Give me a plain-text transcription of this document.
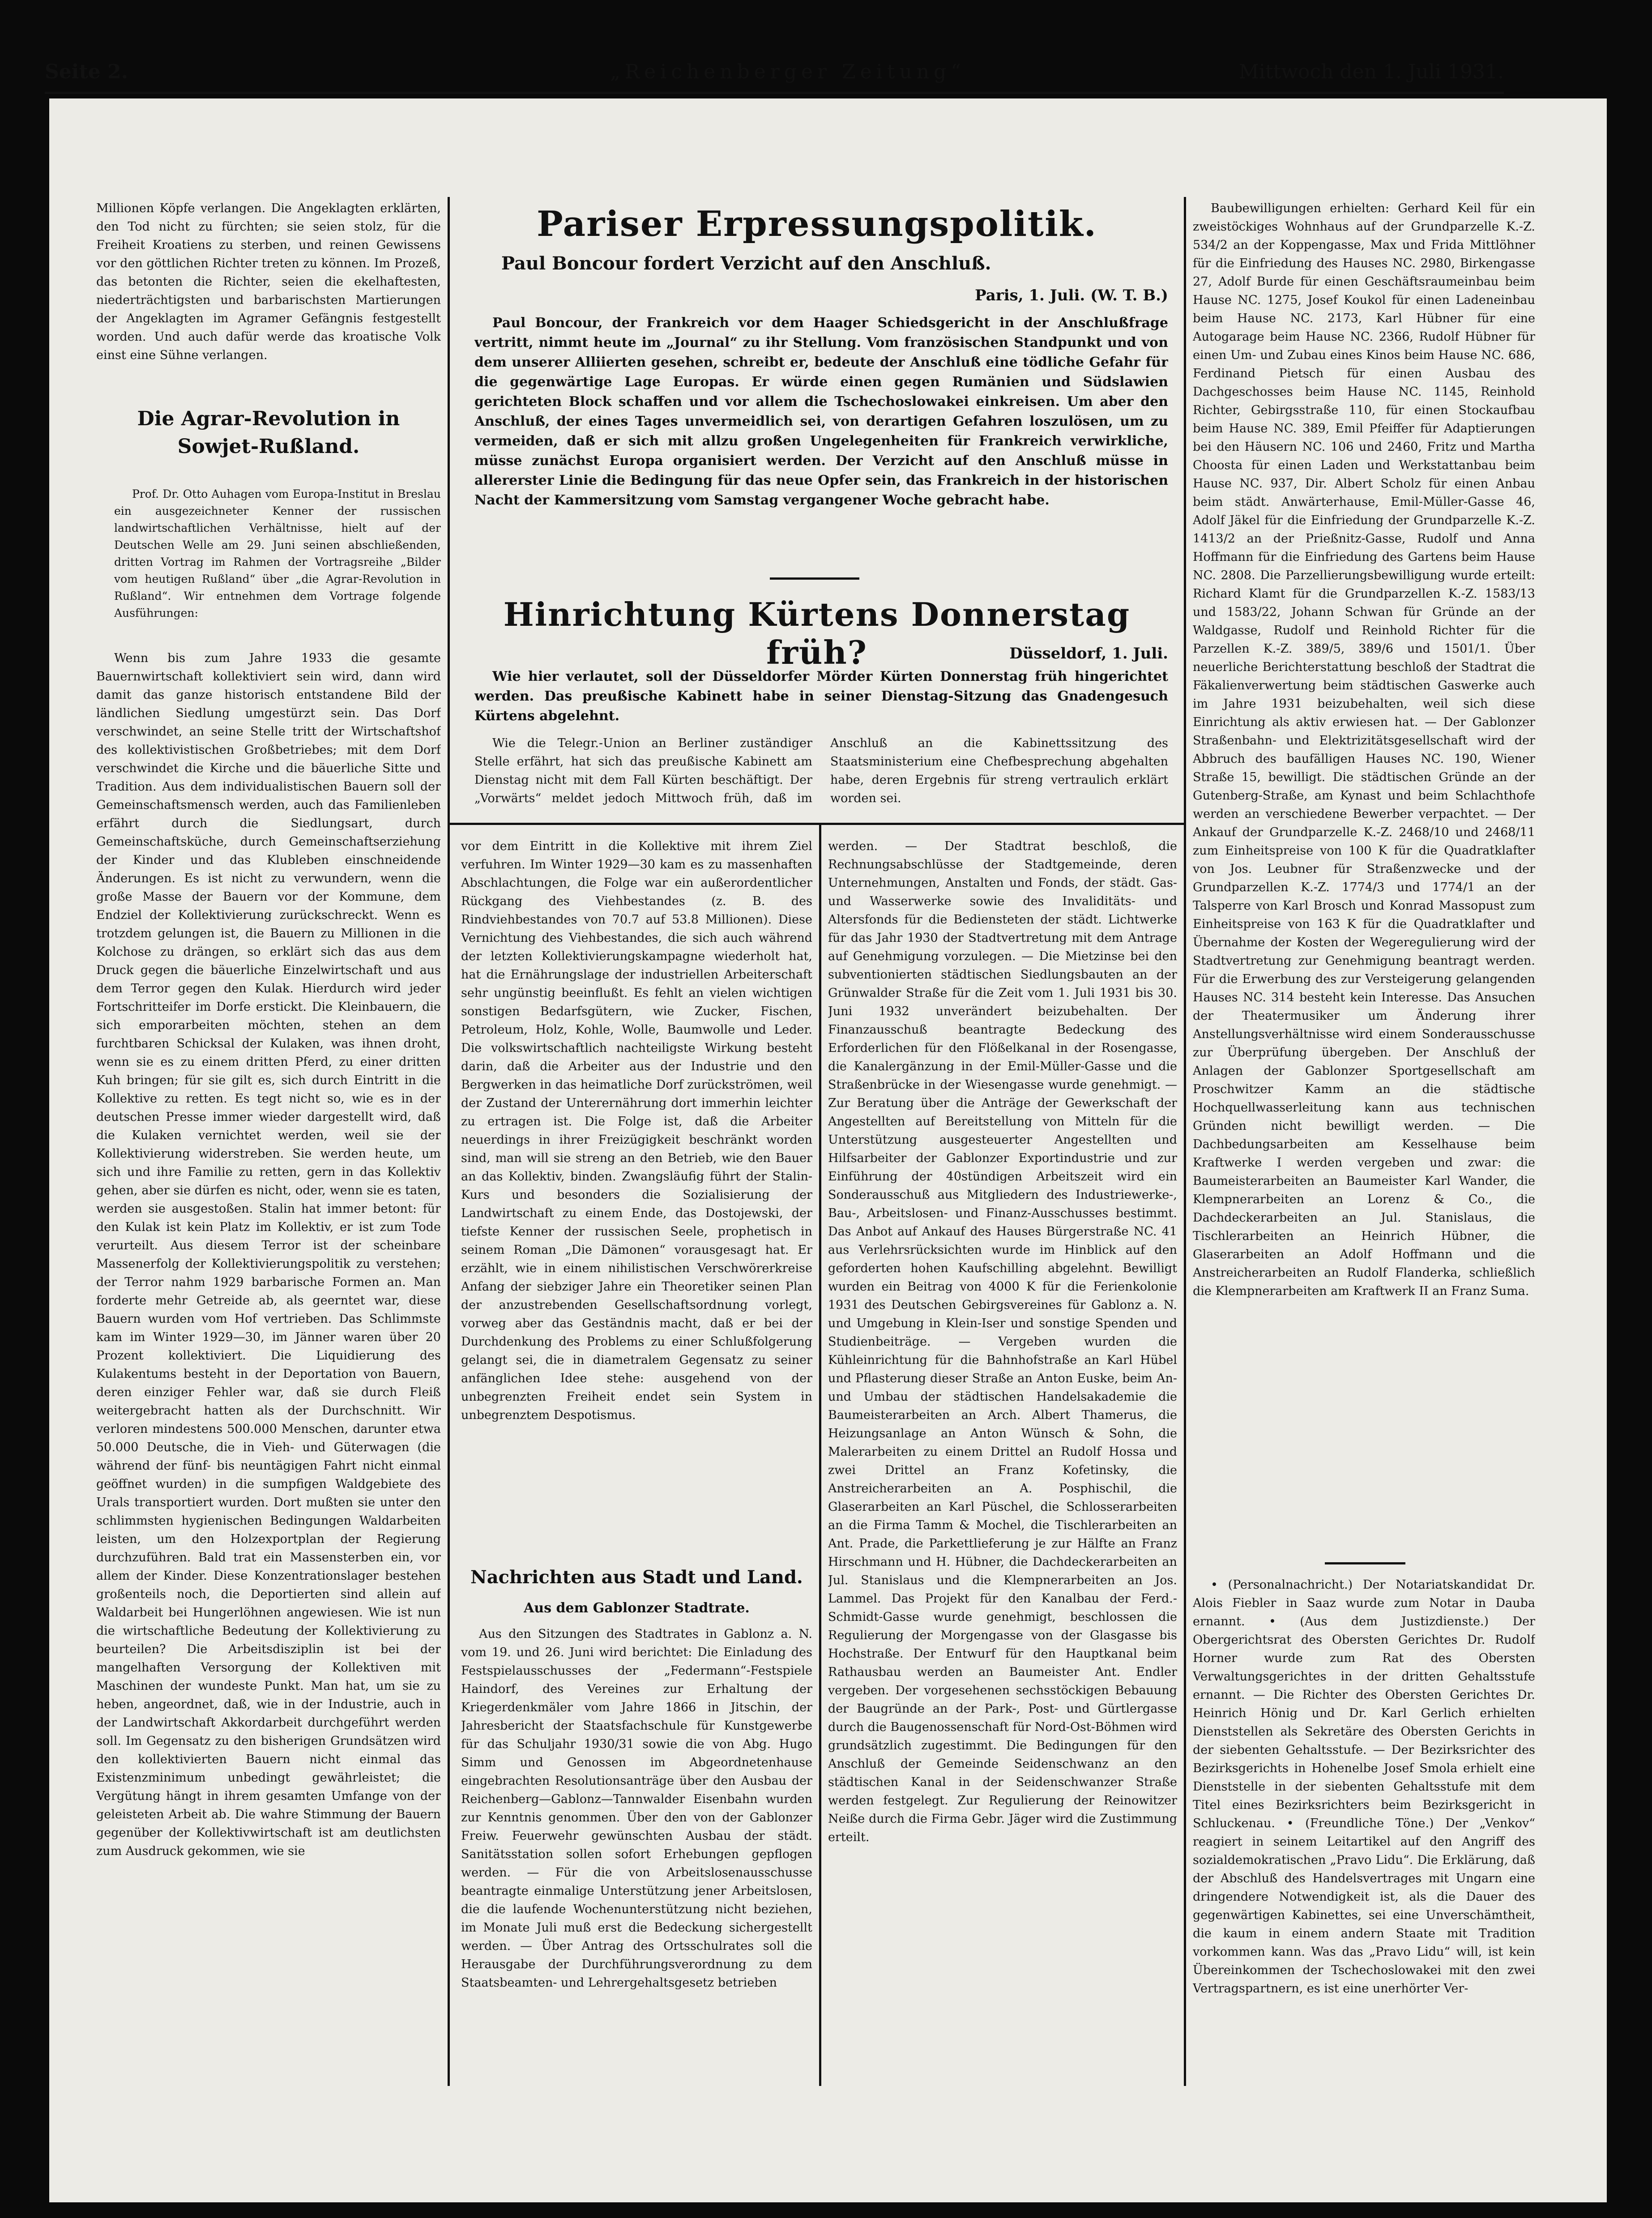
Seite 2.	„Reichenberger Zeitung“	Mittwoch den 1. Juli 1931.

Millionen Köpfe verlangen. Die Angeklagten erklärten, den Tod nicht zu fürchten; sie seien stolz, für die Freiheit Kroatiens zu sterben, und reinen Gewissens vor den göttlichen Richter treten zu können. Im Prozeß, das betonten die Richter, seien die ekelhaftesten, niederträchtigsten und barbarischsten Martierungen der Angeklagten im Agramer Gefängnis festgestellt worden. Und auch dafür werde das kroatische Volk einst eine Sühne verlangen.

Die Agrar-Revolution in Sowjet-Rußland.

Prof. Dr. Otto Auhagen vom Europa-Institut in Breslau ein ausgezeichneter Kenner der russischen landwirtschaftlichen Verhältnisse, hielt auf der Deutschen Welle am 29. Juni seinen abschließenden, dritten Vortrag im Rahmen der Vortragsreihe „Bilder vom heutigen Rußland“ über „die Agrar-Revolution in Rußland“. Wir entnehmen dem Vortrage folgende Ausführungen:

Wenn bis zum Jahre 1933 die gesamte Bauernwirtschaft kollektiviert sein wird, dann wird damit das ganze historisch entstandene Bild der ländlichen Siedlung umgestürzt sein. Das Dorf verschwindet, an seine Stelle tritt der Wirtschaftshof des kollektivistischen Großbetriebes; mit dem Dorf verschwindet die Kirche und die bäuerliche Sitte und Tradition. Aus dem individualistischen Bauern soll der Gemeinschaftsmensch werden, auch das Familienleben erfährt durch die Siedlungsart, durch Gemeinschaftsküche, durch Gemeinschaftserziehung der Kinder und das Klubleben einschneidende Änderungen. Es ist nicht zu verwundern, wenn die große Masse der Bauern vor der Kommune, dem Endziel der Kollektivierung zurückschreckt. Wenn es trotzdem gelungen ist, die Bauern zu Millionen in die Kolchose zu drängen, so erklärt sich das aus dem Druck gegen die bäuerliche Einzelwirtschaft und aus dem Terror gegen den Kulak. Hierdurch wird jeder Fortschritteifer im Dorfe erstickt. Die Kleinbauern, die sich emporarbeiten möchten, stehen an dem furchtbaren Schicksal der Kulaken, was ihnen droht, wenn sie es zu einem dritten Pferd, zu einer dritten Kuh bringen; für sie gilt es, sich durch Eintritt in die Kollektive zu retten. Es tegt nicht so, wie es in der deutschen Presse immer wieder dargestellt wird, daß die Kulaken vernichtet werden, weil sie der Kollektivierung widerstreben. Sie werden heute, um sich und ihre Familie zu retten, gern in das Kollektiv gehen, aber sie dürfen es nicht, oder, wenn sie es taten, werden sie ausgestoßen. Stalin hat immer betont: für den Kulak ist kein Platz im Kollektiv, er ist zum Tode verurteilt. Aus diesem Terror ist der scheinbare Massenerfolg der Kollektivierungspolitik zu verstehen; der Terror nahm 1929 barbarische Formen an. Man forderte mehr Getreide ab, als geerntet war, diese Bauern wurden vom Hof vertrieben. Das Schlimmste kam im Winter 1929—30, im Jänner waren über 20 Prozent kollektiviert. Die Liquidierung des Kulakentums besteht in der Deportation von Bauern, deren einziger Fehler war, daß sie durch Fleiß weitergebracht hatten als der Durchschnitt. Wir verloren mindestens 500.000 Menschen, darunter etwa 50.000 Deutsche, die in Vieh- und Güterwagen (die während der fünf- bis neuntägigen Fahrt nicht einmal geöffnet wurden) in die sumpfigen Waldgebiete des Urals transportiert wurden. Dort mußten sie unter den schlimmsten hygienischen Bedingungen Waldarbeiten leisten, um den Holzexportplan der Regierung durchzuführen. Bald trat ein Massensterben ein, vor allem der Kinder. Diese Konzentrationslager bestehen großenteils noch, die Deportierten sind allein auf Waldarbeit bei Hungerlöhnen angewiesen. Wie ist nun die wirtschaftliche Bedeutung der Kollektivierung zu beurteilen? Die Arbeitsdisziplin ist bei der mangelhaften Versorgung der Kollektiven mit Maschinen der wundeste Punkt. Man hat, um sie zu heben, angeordnet, daß, wie in der Industrie, auch in der Landwirtschaft Akkordarbeit durchgeführt werden soll. Im Gegensatz zu den bisherigen Grundsätzen wird den kollektivierten Bauern nicht einmal das Existenzminimum unbedingt gewährleistet; die Vergütung hängt in ihrem gesamten Umfange von der geleisteten Arbeit ab. Die wahre Stimmung der Bauern gegenüber der Kollektivwirtschaft ist am deutlichsten zum Ausdruck gekommen, wie sie

Pariser Erpressungspolitik.
Paul Boncour fordert Verzicht auf den Anschluß.
Paris, 1. Juli. (W. T. B.)
Paul Boncour, der Frankreich vor dem Haager Schiedsgericht in der Anschlußfrage vertritt, nimmt heute im „Journal“ zu ihr Stellung. Vom französischen Standpunkt und von dem unserer Alliierten gesehen, schreibt er, bedeute der Anschluß eine tödliche Gefahr für die gegenwärtige Lage Europas. Er würde einen gegen Rumänien und Südslawien gerichteten Block schaffen und vor allem die Tschechoslowakei einkreisen. Um aber den Anschluß, der eines Tages unvermeidlich sei, von derartigen Gefahren loszulösen, um zu vermeiden, daß er sich mit allzu großen Ungelegenheiten für Frankreich verwirkliche, müsse zunächst Europa organisiert werden. Der Verzicht auf den Anschluß müsse in allererster Linie die Bedingung für das neue Opfer sein, das Frankreich in der historischen Nacht der Kammersitzung vom Samstag vergangener Woche gebracht habe.
Hinrichtung Kürtens Donnerstag früh?	Düsseldorf, 1. Juli.
Wie hier verlautet, soll der Düsseldorfer Mörder Kürten Donnerstag früh hingerichtet werden. Das preußische Kabinett habe in seiner Dienstag-Sitzung das Gnadengesuch Kürtens abgelehnt.

Wie die Telegr.-Union an Berliner zuständiger Stelle erfährt, hat sich das preußische Kabinett am Dienstag nicht mit dem Fall Kürten beschäftigt. Der „Vorwärts“ meldet jedoch Mittwoch früh, daß im Anschluß an die Kabinettssitzung des Staatsministerium eine Chefbesprechung abgehalten habe, deren Ergebnis für streng vertraulich erklärt worden sei.

vor dem Eintritt in die Kollektive mit ihrem Ziel verfuhren. Im Winter 1929—30 kam es zu massenhaften Abschlachtungen, die Folge war ein außerordentlicher Rückgang des Viehbestandes (z. B. des Rindviehbestandes von 70.7 auf 53.8 Millionen). Diese Vernichtung des Viehbestandes, die sich auch während der letzten Kollektivierungskampagne wiederholt hat, hat die Ernährungslage der industriellen Arbeiterschaft sehr ungünstig beeinflußt. Es fehlt an vielen wichtigen sonstigen Bedarfsgütern, wie Zucker, Fischen, Petroleum, Holz, Kohle, Wolle, Baumwolle und Leder. Die volkswirtschaftlich nachteiligste Wirkung besteht darin, daß die Arbeiter aus der Industrie und den Bergwerken in das heimatliche Dorf zurückströmen, weil der Zustand der Unterernährung dort immerhin leichter zu ertragen ist. Die Folge ist, daß die Arbeiter neuerdings in ihrer Freizügigkeit beschränkt worden sind, man will sie streng an den Betrieb, wie den Bauer an das Kollektiv, binden. Zwangsläufig führt der Stalin-Kurs und besonders die Sozialisierung der Landwirtschaft zu einem Ende, das Dostojewski, der tiefste Kenner der russischen Seele, prophetisch in seinem Roman „Die Dämonen“ vorausgesagt hat. Er erzählt, wie in einem nihilistischen Verschwörerkreise Anfang der siebziger Jahre ein Theoretiker seinen Plan der anzustrebenden Gesellschaftsordnung vorlegt, vorweg aber das Geständnis macht, daß er bei der Durchdenkung des Problems zu einer Schlußfolgerung gelangt sei, die in diametralem Gegensatz zu seiner anfänglichen Idee stehe: ausgehend von der unbegrenzten Freiheit endet sein System in unbegrenztem Despotismus.

Nachrichten aus Stadt und Land.
Aus dem Gablonzer Stadtrate.

Aus den Sitzungen des Stadtrates in Gablonz a. N. vom 19. und 26. Juni wird berichtet: Die Einladung des Festspielausschusses der „Federmann“-Festspiele Haindorf, des Vereines zur Erhaltung der Kriegerdenkmäler vom Jahre 1866 in Jitschin, der Jahresbericht der Staatsfachschule für Kunstgewerbe für das Schuljahr 1930/31 sowie die von Abg. Hugo Simm und Genossen im Abgeordnetenhause eingebrachten Resolutionsanträge über den Ausbau der Reichenberg—Gablonz—Tannwalder Eisenbahn wurden zur Kenntnis genommen. Über den von der Gablonzer Freiw. Feuerwehr gewünschten Ausbau der städt. Sanitätsstation sollen sofort Erhebungen gepflogen werden. — Für die von Arbeitslosenausschusse beantragte einmalige Unterstützung jener Arbeitslosen, die die laufende Wochenunterstützung nicht beziehen, im Monate Juli muß erst die Bedeckung sichergestellt werden. — Über Antrag des Ortsschulrates soll die Herausgabe der Durchführungsverordnung zu dem Staatsbeamten- und Lehrergehaltsgesetz betrieben

werden. — Der Stadtrat beschloß, die Rechnungsabschlüsse der Stadtgemeinde, deren Unternehmungen, Anstalten und Fonds, der städt. Gas- und Wasserwerke sowie des Invaliditäts- und Altersfonds für die Bediensteten der städt. Lichtwerke für das Jahr 1930 der Stadtvertretung mit dem Antrage auf Genehmigung vorzulegen. — Die Mietzinse bei den subventionierten städtischen Siedlungsbauten an der Grünwalder Straße für die Zeit vom 1. Juli 1931 bis 30. Juni 1932 unverändert beizubehalten. Der Finanzausschuß beantragte Bedeckung des Erforderlichen für den Flößelkanal in der Rosengasse, die Kanalergänzung in der Emil-Müller-Gasse und die Straßenbrücke in der Wiesengasse wurde genehmigt. — Zur Beratung über die Anträge der Gewerkschaft der Angestellten auf Bereitstellung von Mitteln für die Unterstützung ausgesteuerter Angestellten und Hilfsarbeiter der Gablonzer Exportindustrie und zur Einführung der 40stündigen Arbeitszeit wird ein Sonderausschuß aus Mitgliedern des Industriewerke-, Bau-, Arbeitslosen- und Finanz-Ausschusses bestimmt. Das Anbot auf Ankauf des Hauses Bürgerstraße NC. 41 aus Verlehrsrücksichten wurde im Hinblick auf den geforderten hohen Kaufschilling abgelehnt. Bewilligt wurden ein Beitrag von 4000 K für die Ferienkolonie 1931 des Deutschen Gebirgsvereines für Gablonz a. N. und Umgebung in Klein-Iser und sonstige Spenden und Studienbeiträge. — Vergeben wurden die Kühleinrichtung für die Bahnhofstraße an Karl Hübel und Pflasterung dieser Straße an Anton Euske, beim An- und Umbau der städtischen Handelsakademie die Baumeisterarbeiten an Arch. Albert Thamerus, die Heizungsanlage an Anton Wünsch & Sohn, die Malerarbeiten zu einem Drittel an Rudolf Hossa und zwei Drittel an Franz Kofetinsky, die Anstreicherarbeiten an A. Posphischil, die Glaserarbeiten an Karl Püschel, die Schlosserarbeiten an die Firma Tamm & Mochel, die Tischlerarbeiten an Ant. Prade, die Parkettlieferung je zur Hälfte an Franz Hirschmann und H. Hübner, die Dachdeckerarbeiten an Jul. Stanislaus und die Klempnerarbeiten an Jos. Lammel. Das Projekt für den Kanalbau der Ferd.-Schmidt-Gasse wurde genehmigt, beschlossen die Regulierung der Morgengasse von der Glasgasse bis Hochstraße. Der Entwurf für den Hauptkanal beim Rathausbau werden an Baumeister Ant. Endler vergeben. Der vorgesehenen sechsstöckigen Bebauung der Baugründe an der Park-, Post- und Gürtlergasse durch die Baugenossenschaft für Nord-Ost-Böhmen wird grundsätzlich zugestimmt. Die Bedingungen für den Anschluß der Gemeinde Seidenschwanz an den städtischen Kanal in der Seidenschwanzer Straße werden festgelegt. Zur Regulierung der Reinowitzer Neiße durch die Firma Gebr. Jäger wird die Zustimmung erteilt.

Baubewilligungen erhielten: Gerhard Keil für ein zweistöckiges Wohnhaus auf der Grundparzelle K.-Z. 534/2 an der Koppengasse, Max und Frida Mittlöhner für die Einfriedung des Hauses NC. 2980, Birkengasse 27, Adolf Burde für einen Geschäftsraumeinbau beim Hause NC. 1275, Josef Koukol für einen Ladeneinbau beim Hause NC. 2173, Karl Hübner für eine Autogarage beim Hause NC. 2366, Rudolf Hübner für einen Um- und Zubau eines Kinos beim Hause NC. 686, Ferdinand Pietsch für einen Ausbau des Dachgeschosses beim Hause NC. 1145, Reinhold Richter, Gebirgsstraße 110, für einen Stockaufbau beim Hause NC. 389, Emil Pfeiffer für Adaptierungen bei den Häusern NC. 106 und 2460, Fritz und Martha Choosta für einen Laden und Werkstattanbau beim Hause NC. 937, Dir. Albert Scholz für einen Anbau beim städt. Anwärterhause, Emil-Müller-Gasse 46, Adolf Jäkel für die Einfriedung der Grundparzelle K.-Z. 1413/2 an der Prießnitz-Gasse, Rudolf und Anna Hoffmann für die Einfriedung des Gartens beim Hause NC. 2808. Die Parzellierungsbewilligung wurde erteilt: Richard Klamt für die Grundparzellen K.-Z. 1583/13 und 1583/22, Johann Schwan für Gründe an der Waldgasse, Rudolf und Reinhold Richter für die Parzellen K.-Z. 389/5, 389/6 und 1501/1. Über neuerliche Berichterstattung beschloß der Stadtrat die Fäkalienverwertung beim städtischen Gaswerke auch im Jahre 1931 beizubehalten, weil sich diese Einrichtung als aktiv erwiesen hat. — Der Gablonzer Straßenbahn- und Elektrizitätsgesellschaft wird der Abbruch des baufälligen Hauses NC. 190, Wiener Straße 15, bewilligt. Die städtischen Gründe an der Gutenberg-Straße, am Kynast und beim Schlachthofe werden an verschiedene Bewerber verpachtet. — Der Ankauf der Grundparzelle K.-Z. 2468/10 und 2468/11 zum Einheitspreise von 100 K für die Quadratklafter von Jos. Leubner für Straßenzwecke und der Grundparzellen K.-Z. 1774/3 und 1774/1 an der Talsperre von Karl Brosch und Konrad Massopust zum Einheitspreise von 163 K für die Quadratklafter und Übernahme der Kosten der Wegeregulierung wird der Stadtvertretung zur Genehmigung beantragt werden. Für die Erwerbung des zur Versteigerung gelangenden Hauses NC. 314 besteht kein Interesse. Das Ansuchen der Theatermusiker um Änderung ihrer Anstellungsverhältnisse wird einem Sonderausschusse zur Überprüfung übergeben. Der Anschluß der Anlagen der Gablonzer Sportgesellschaft am Proschwitzer Kamm an die städtische Hochquellwasserleitung kann aus technischen Gründen nicht bewilligt werden. — Die Dachbedungsarbeiten am Kesselhause beim Kraftwerke I werden vergeben und zwar: die Baumeisterarbeiten an Baumeister Karl Wander, die Klempnerarbeiten an Lorenz & Co., die Dachdeckerarbeiten an Jul. Stanislaus, die Tischlerarbeiten an Heinrich Hübner, die Glaserarbeiten an Adolf Hoffmann und die Anstreicherarbeiten an Rudolf Flanderka, schließlich die Klempnerarbeiten am Kraftwerk II an Franz Suma.

• (Personalnachricht.) Der Notariatskandidat Dr. Alois Fiebler in Saaz wurde zum Notar in Dauba ernannt. • (Aus dem Justizdienste.) Der Obergerichtsrat des Obersten Gerichtes Dr. Rudolf Horner wurde zum Rat des Obersten Verwaltungsgerichtes in der dritten Gehaltsstufe ernannt. — Die Richter des Obersten Gerichtes Dr. Heinrich Hönig und Dr. Karl Gerlich erhielten Dienststellen als Sekretäre des Obersten Gerichts in der siebenten Gehaltsstufe. — Der Bezirksrichter des Bezirksgerichts in Hohenelbe Josef Smola erhielt eine Dienststelle in der siebenten Gehaltsstufe mit dem Titel eines Bezirksrichters beim Bezirksgericht in Schluckenau. • (Freundliche Töne.) Der „Venkov“ reagiert in seinem Leitartikel auf den Angriff des sozialdemokratischen „Pravo Lidu“. Die Erklärung, daß der Abschluß des Handelsvertrages mit Ungarn eine dringendere Notwendigkeit ist, als die Dauer des gegenwärtigen Kabinettes, sei eine Unverschämtheit, die kaum in einem andern Staate mit Tradition vorkommen kann. Was das „Pravo Lidu“ will, ist kein Übereinkommen der Tschechoslowakei mit den zwei Vertragspartnern, es ist eine unerhörter Ver-
